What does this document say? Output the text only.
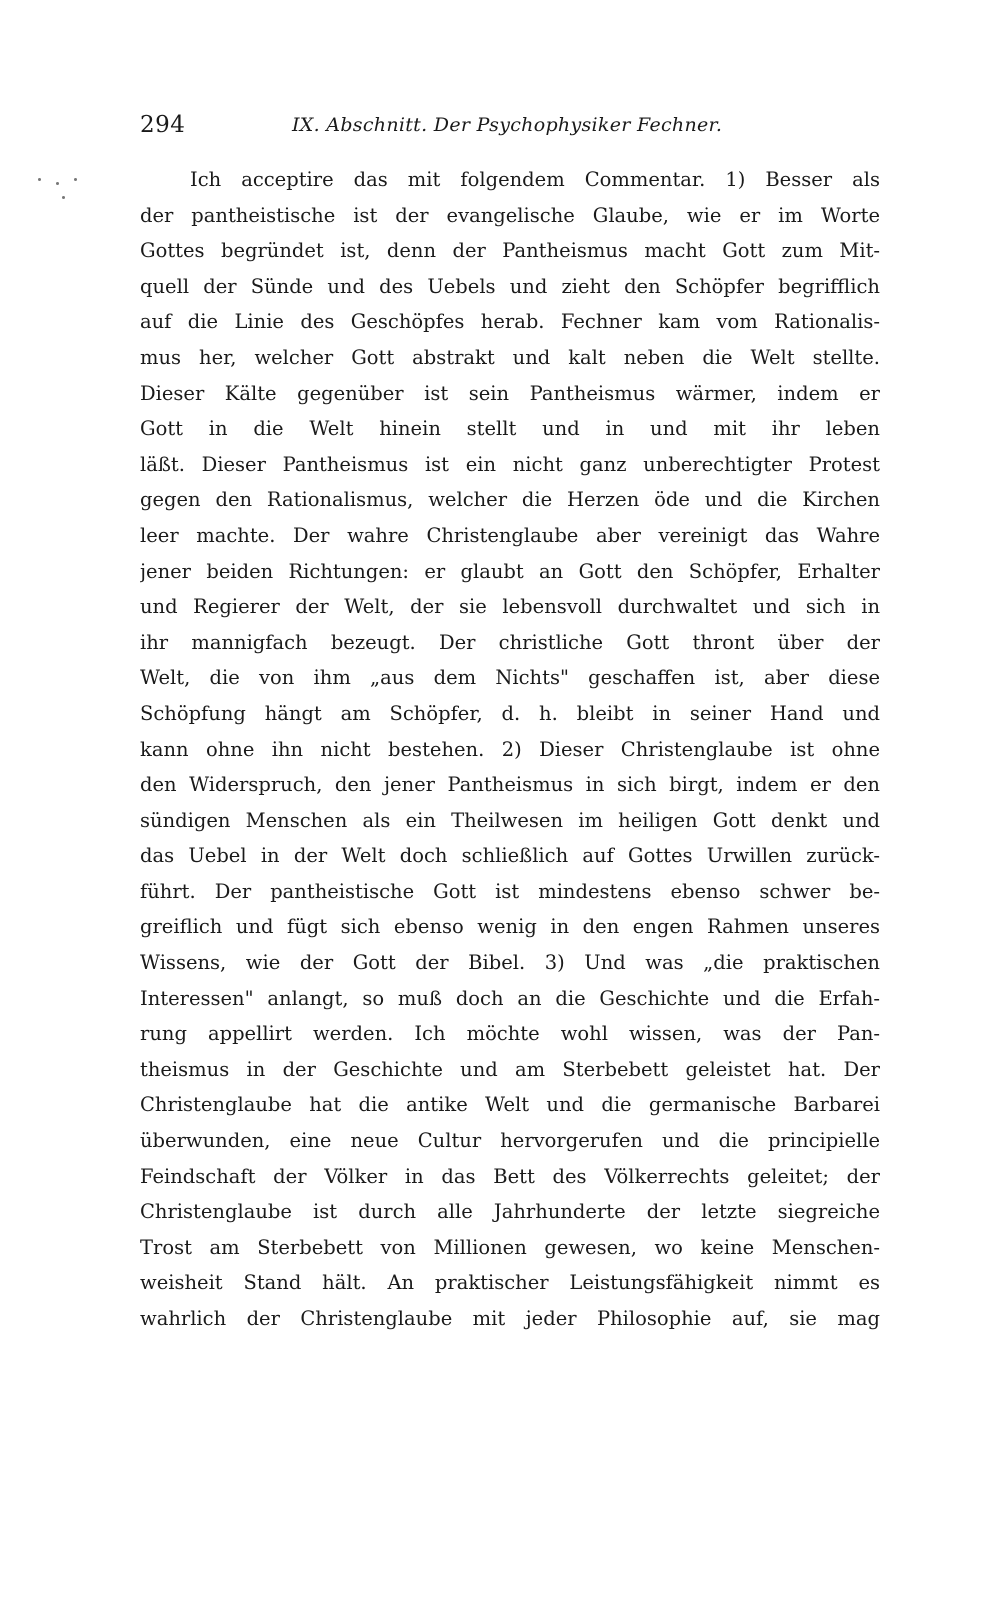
294	IX. Abschnitt. Der Psychophysiker Fechner.
Ich acceptire das mit folgendem Commentar. 1) Besser als
der pantheistische ist der evangelische Glaube, wie er im Worte
Gottes begründet ist, denn der Pantheismus macht Gott zum Mit-
quell der Sünde und des Uebels und zieht den Schöpfer begrifflich
auf die Linie des Geschöpfes herab. Fechner kam vom Rationalis-
mus her, welcher Gott abstrakt und kalt neben die Welt stellte.
Dieser Kälte gegenüber ist sein Pantheismus wärmer, indem er
Gott in die Welt hinein stellt und in und mit ihr leben
läßt. Dieser Pantheismus ist ein nicht ganz unberechtigter Protest
gegen den Rationalismus, welcher die Herzen öde und die Kirchen
leer machte. Der wahre Christenglaube aber vereinigt das Wahre
jener beiden Richtungen: er glaubt an Gott den Schöpfer, Erhalter
und Regierer der Welt, der sie lebensvoll durchwaltet und sich in
ihr mannigfach bezeugt. Der christliche Gott thront über der
Welt, die von ihm „aus dem Nichts" geschaffen ist, aber diese
Schöpfung hängt am Schöpfer, d. h. bleibt in seiner Hand und
kann ohne ihn nicht bestehen. 2) Dieser Christenglaube ist ohne
den Widerspruch, den jener Pantheismus in sich birgt, indem er den
sündigen Menschen als ein Theilwesen im heiligen Gott denkt und
das Uebel in der Welt doch schließlich auf Gottes Urwillen zurück-
führt. Der pantheistische Gott ist mindestens ebenso schwer be-
greiflich und fügt sich ebenso wenig in den engen Rahmen unseres
Wissens, wie der Gott der Bibel. 3) Und was „die praktischen
Interessen" anlangt, so muß doch an die Geschichte und die Erfah-
rung appellirt werden. Ich möchte wohl wissen, was der Pan-
theismus in der Geschichte und am Sterbebett geleistet hat. Der
Christenglaube hat die antike Welt und die germanische Barbarei
überwunden, eine neue Cultur hervorgerufen und die principielle
Feindschaft der Völker in das Bett des Völkerrechts geleitet; der
Christenglaube ist durch alle Jahrhunderte der letzte siegreiche
Trost am Sterbebett von Millionen gewesen, wo keine Menschen-
weisheit Stand hält. An praktischer Leistungsfähigkeit nimmt es
wahrlich der Christenglaube mit jeder Philosophie auf, sie mag
